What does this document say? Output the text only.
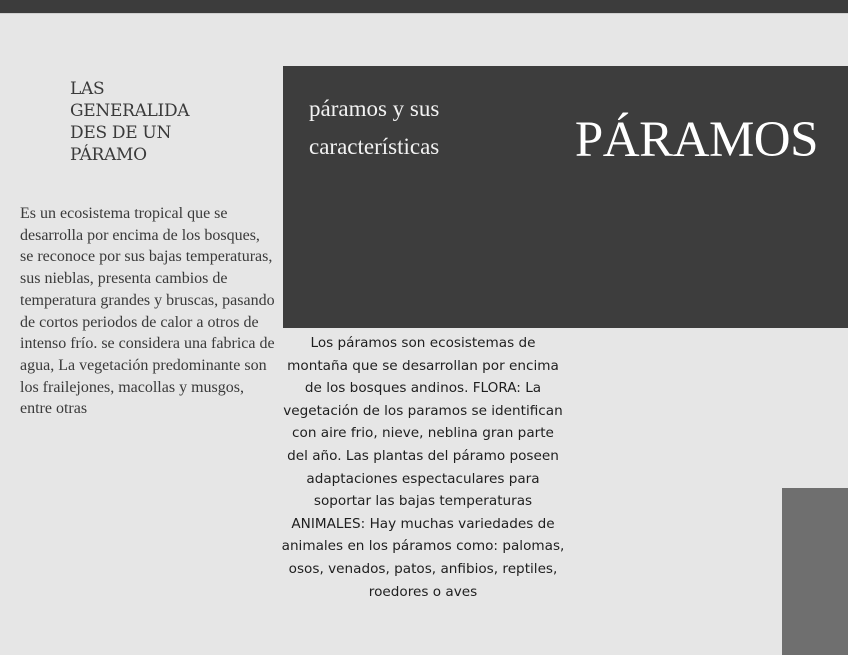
LAS
GENERALIDA
DES DE UN
PÁRAMO
Es un ecosistema tropical que se desarrolla por encima de los bosques, se reconoce por sus bajas temperaturas, sus nieblas, presenta cambios de temperatura grandes y bruscas, pasando de cortos periodos de calor a otros de intenso frío. se considera una fabrica de agua, La vegetación predominante son los frailejones, macollas y musgos, entre otras
páramos y sus características	PÁRAMOS
Los páramos son ecosistemas de montaña que se desarrollan por encima de los bosques andinos. FLORA: La vegetación de los paramos se identifican con aire frio, nieve, neblina gran parte del año. Las plantas del páramo poseen adaptaciones espectaculares para soportar las bajas temperaturas ANIMALES: Hay muchas variedades de animales en los páramos como: palomas, osos, venados, patos, anfibios, reptiles, roedores o aves
